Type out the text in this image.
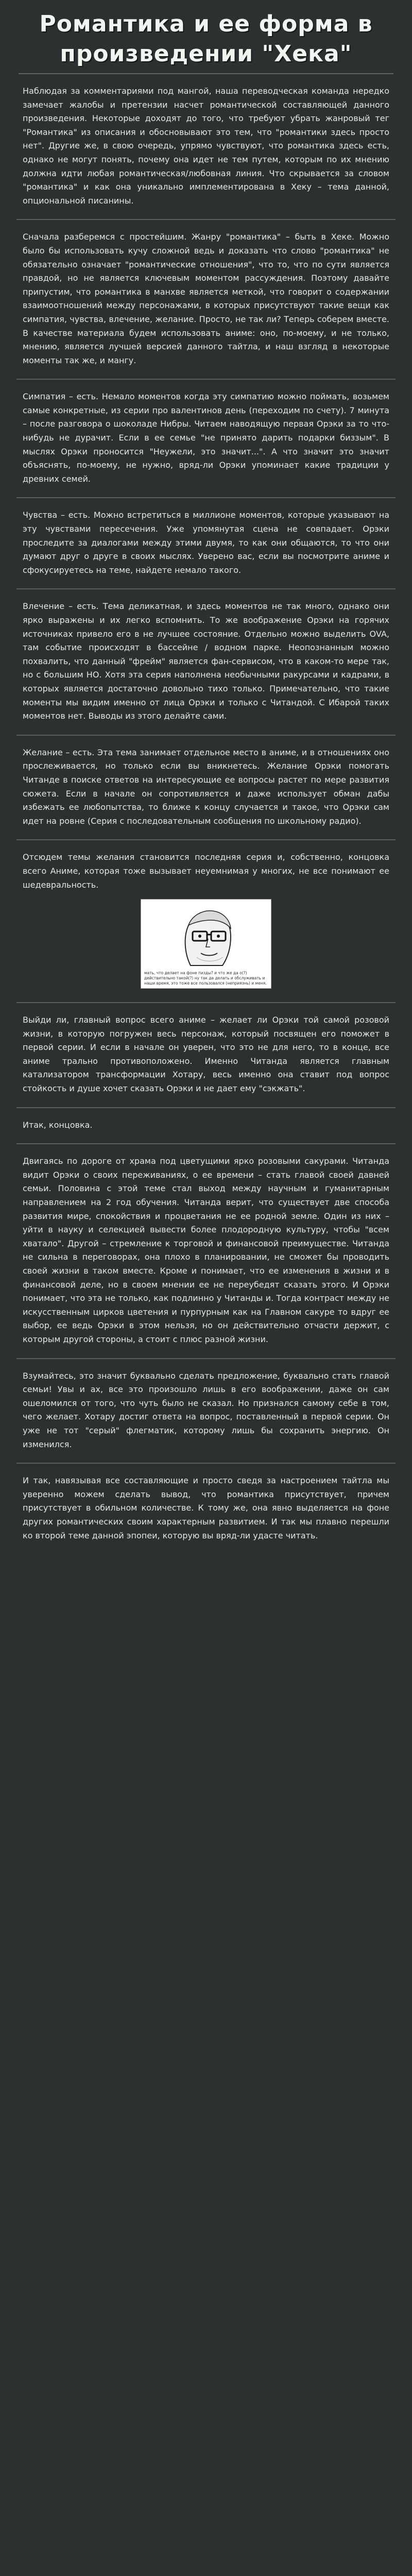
Романтика и ее форма в произведении "Хека"

Наблюдая за комментариями под мангой, наша переводческая команда нередко замечает жалобы и претензии насчет романтической составляющей данного произведения. Некоторые доходят до того, что требуют убрать жанровый тег "Романтика" из описания и обосновывают это тем, что "романтики здесь просто нет". Другие же, в свою очередь, упрямо чувствуют, что романтика здесь есть, однако не могут понять, почему она идет не тем путем, которым по их мнению должна идти любая романтическая/любовная линия. Что скрывается за словом "романтика" и как она уникально имплементирована в Хеку – тема данной, опциональной писанины.

Сначала разберемся с простейшим. Жанру "романтика" – быть в Хеке. Можно было бы использовать кучу сложной ведь и доказать что слово "романтика" не обязательно означает "романтические отношения", что то, что по сути является правдой, но не является ключевым моментом рассуждения. Поэтому давайте припустим, что романтика в манхве является меткой, что говорит о содержании взаимоотношений между персонажами, в которых присутствуют такие вещи как симпатия, чувства, влечение, желание. Просто, не так ли? Теперь соберем вместе. В качестве материала будем использовать аниме: оно, по-моему, и не только, мнению, является лучшей версией данного тайтла, и наш взгляд в некоторые моменты так же, и мангу.

Симпатия – есть. Немало моментов когда эту симпатию можно поймать, возьмем самые конкретные, из серии про валентинов день (переходим по счету). 7 минута – после разговора о шоколаде Нибры. Читаем наводящую первая Орэки за то что-нибудь не дурачит. Если в ее семье "не принято дарить подарки биззым". В мыслях Орэки проносится "Неужели, это значит...". А что значит это значит объяснять, по-моему, не нужно, вряд-ли Орэки упоминает какие традиции у древних семей.

Чувства – есть. Можно встретиться в миллионе моментов, которые указывают на эту чувствами пересечения. Уже упомянутая сцена не совпадает. Орэки проследите за диалогами между этими двумя, то как они общаются, то что они думают друг о друге в своих мыслях. Уверено вас, если вы посмотрите аниме и сфокусируетесь на теме, найдете немало такого.

Влечение – есть. Тема деликатная, и здесь моментов не так много, однако они ярко выражены и их легко вспомнить. То же воображение Орэки на горячих источниках привело его в не лучшее состояние. Отдельно можно выделить ОVA, там событие происходят в бассейне / водном парке. Неопознанным можно похвалить, что данный "фрейм" является фан-сервисом, что в каком-то мере так, но с большим НО. Хотя эта серия наполнена необычными ракурсами и кадрами, в которых является достаточно довольно тихо только. Примечательно, что такие моменты мы видим именно от лица Орэки и только с Читандой. С Ибарой таких моментов нет. Выводы из этого делайте сами.

Желание – есть. Эта тема занимает отдельное место в аниме, и в отношениях оно прослеживается, но только если вы вникнетесь. Желание Орэки помогать Читанде в поиске ответов на интересующие ее вопросы растет по мере развития сюжета. Если в начале он сопротивляется и даже использует обман дабы избежать ее любопытства, то ближе к концу случается и такое, что Орэки сам идет на ровне (Серия с последовательным сообщения по школьному радио).

Отсюдем темы желания становится последняя серия и, собственно, концовка всего Аниме, которая тоже вызывает неуемнимая у многих, не все понимают ее шедевральность.

мать, что делает на фоне пизды? и что же да о(?) действительно такой(?) ну так да делать и обслуживать и наши время, это тоже все пользовался (неприязнь) и меня.

Выйди ли, главный вопрос всего аниме – желает ли Орэки той самой розовой жизни, в которую погружен весь персонаж, который посвящен его поможет в первой серии. И если в начале он уверен, что это не для него, то в конце, все аниме трально противоположено. Именно Читанда является главным катализатором трансформации Хотару, весь именно она ставит под вопрос стойкость и душе хочет сказать Орэки и не дает ему "сэкжать".

Итак, концовка.

Двигаясь по дороге от храма под цветущими ярко розовыми сакурами. Читанда видит Орэки о своих переживаниях, о ее времени – стать главой своей давней семьи. Половина с этой теме стал выход между научным и гуманитарным направлением на 2 год обучения. Читанда верит, что существует две способа развития мире, спокойствия и процветания не ее родной земле. Один из них – уйти в науку и селекцией вывести более плодородную культуру, чтобы "всем хватало". Другой – стремление к торговой и финансовой преимуществе. Читанда не сильна в переговорах, она плохо в планировании, не сможет бы проводить своей жизни в таком вместе. Кроме и понимает, что ее изменения в жизни и в финансовой деле, но в своем мнении ее не переубедят сказать этого. И Орэки понимает, что эта не только, как подлинно у Читанды и. Тогда контраст между не искусственным цирков цветения и пурпурным как на Главном сакуре то вдруг ее выбор, ее ведь Орэки в этом нельзя, но он действительно отчасти держит, с которым другой стороны, а стоит с плюс разной жизни.

Взумайтесь, это значит буквально сделать предложение, буквально стать главой семьи! Увы и ах, все это произошло лишь в его воображении, даже он сам ошеломился от того, что чуть было не сказал. Но признался самому себе в том, чего желает. Хотару достиг ответа на вопрос, поставленный в первой серии. Он уже не тот "серый" флегматик, которому лишь бы сохранить энергию. Он изменился.

И так, навязывая все составляющие и просто сведя за настроением тайтла мы уверенно можем сделать вывод, что романтика присутствует, причем присутствует в обильном количестве. К тому же, она явно выделяется на фоне других романтических своим характерным развитием. И так мы плавно перешли ко второй теме данной эпопеи, которую вы вряд-ли удасте читать.
